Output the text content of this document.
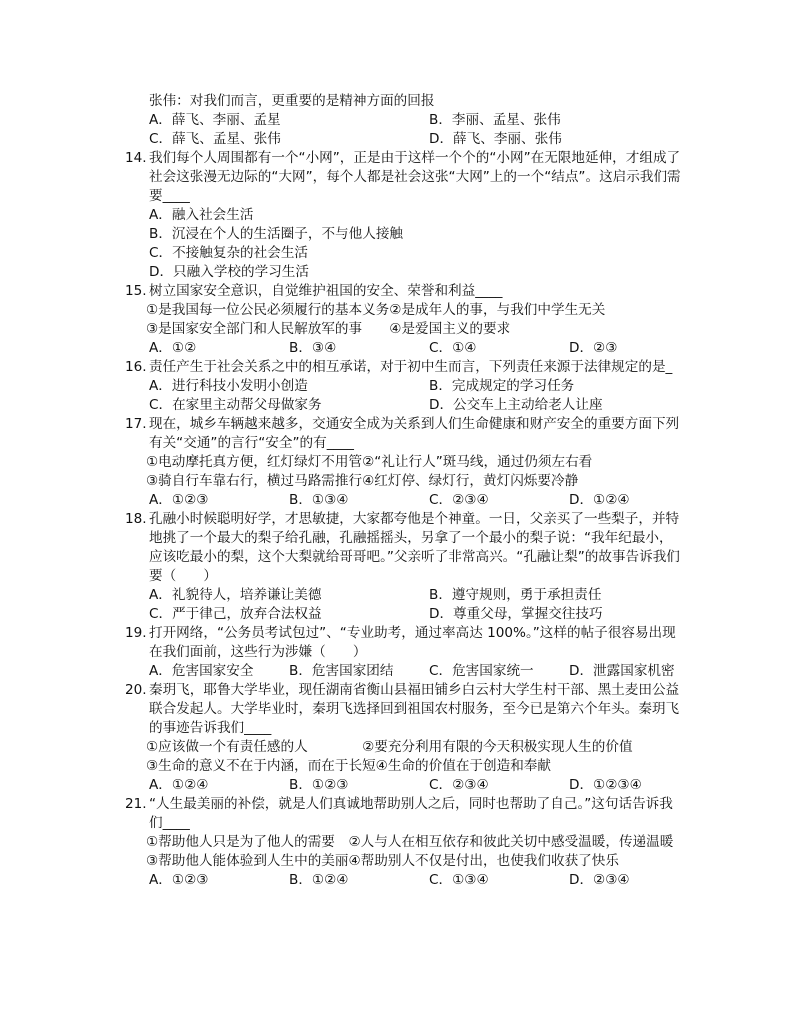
张伟：对我们而言，更重要的是精神方面的回报
A．薛飞、李丽、孟星	B．李丽、孟星、张伟
C．薛飞、孟星、张伟	D．薛飞、李丽、张伟
14. 我们每个人周围都有一个“小网”，正是由于这样一个个的“小网”在无限地延伸，才组成了社会这张漫无边际的“大网”，每个人都是社会这张“大网”上的一个“结点”。这启示我们需要____
A．融入社会生活
B．沉浸在个人的生活圈子，不与他人接触
C．不接触复杂的社会生活
D．只融入学校的学习生活
15. 树立国家安全意识，自觉维护祖国的安全、荣誉和利益____
①是我国每一位公民必须履行的基本义务②是成年人的事，与我们中学生无关
③是国家安全部门和人民解放军的事　　④是爱国主义的要求
A．①②	B．③④	C．①④	D．②③
16. 责任产生于社会关系之中的相互承诺，对于初中生而言，下列责任来源于法律规定的是_
A．进行科技小发明小创造	B．完成规定的学习任务
C．在家里主动帮父母做家务	D．公交车上主动给老人让座
17. 现在，城乡车辆越来越多，交通安全成为关系到人们生命健康和财产安全的重要方面下列有关“交通”的言行“安全”的有____
①电动摩托真方便，红灯绿灯不用管②“礼让行人”斑马线，通过仍须左右看
③骑自行车靠右行，横过马路需推行④红灯停、绿灯行，黄灯闪烁要冷静
A．①②③	B．①③④	C．②③④	D．①②④
18. 孔融小时候聪明好学，才思敏捷，大家都夸他是个神童。一日，父亲买了一些梨子，并特地挑了一个最大的梨子给孔融，孔融摇摇头，另拿了一个最小的梨子说：“我年纪最小，应该吃最小的梨，这个大梨就给哥哥吧。”父亲听了非常高兴。“孔融让梨”的故事告诉我们要（　　）
A．礼貌待人，培养谦让美德	B．遵守规则，勇于承担责任
C．严于律己，放弃合法权益	D．尊重父母，掌握交往技巧
19. 打开网络，“公务员考试包过”、“专业助考，通过率高达 100%。”这样的帖子很容易出现在我们面前，这些行为涉嫌（　　）
A．危害国家安全	B．危害国家团结	C．危害国家统一	D．泄露国家机密
20. 秦玥飞，耶鲁大学毕业，现任湖南省衡山县福田铺乡白云村大学生村干部、黑土麦田公益联合发起人。大学毕业时，秦玥飞选择回到祖国农村服务，至今已是第六个年头。秦玥飞的事迹告诉我们____
①应该做一个有责任感的人　　　　②要充分利用有限的今天积极实现人生的价值
③生命的意义不在于内涵，而在于长短④生命的价值在于创造和奉献
A．①②④	B．①②③	C．②③④	D．①②③④
21. “人生最美丽的补偿，就是人们真诚地帮助别人之后，同时也帮助了自己。”这句话告诉我们____
①帮助他人只是为了他人的需要　②人与人在相互依存和彼此关切中感受温暖，传递温暖
③帮助他人能体验到人生中的美丽④帮助别人不仅是付出，也使我们收获了快乐
A．①②③	B．①②④	C．①③④	D．②③④
